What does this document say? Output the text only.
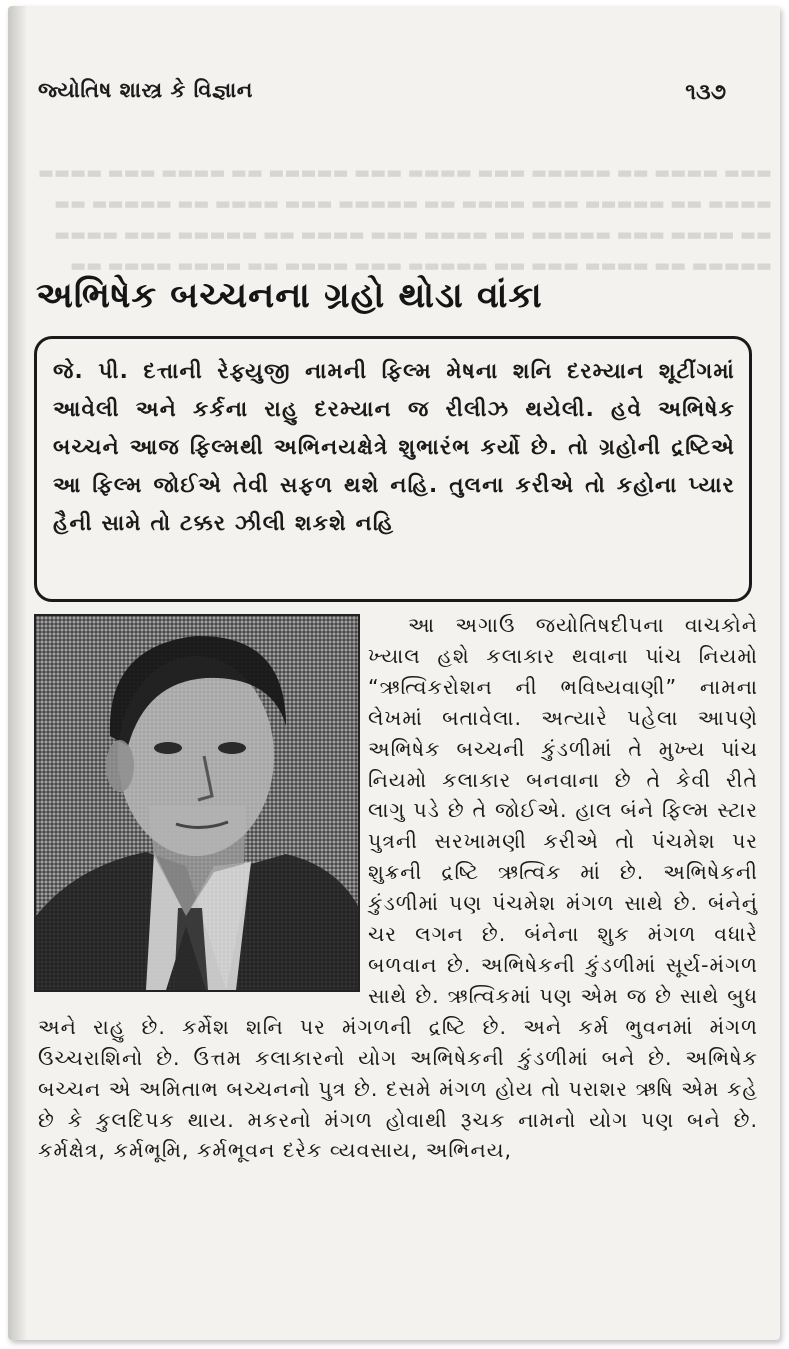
જ્યોતિષ શાસ્ત્ર કે વિજ્ઞાન	૧૩૭
▬▬▬ ▬▬▬▬ ▬▬ ▬▬▬▬▬ ▬▬▬ ▬▬▬▬ ▬▬▬ ▬▬▬▬▬ ▬▬ ▬▬▬▬ ▬▬▬ ▬▬▬▬
▬▬▬▬ ▬▬ ▬▬▬▬▬ ▬▬▬ ▬▬▬▬ ▬▬ ▬▬▬▬▬ ▬▬▬ ▬▬▬▬ ▬▬ ▬▬▬▬▬ ▬▬
▬▬ ▬▬▬▬ ▬▬▬ ▬▬▬▬▬ ▬▬ ▬▬▬▬ ▬▬▬ ▬▬▬▬ ▬▬ ▬▬▬▬▬ ▬▬▬ ▬▬▬▬
▬▬▬▬▬ ▬▬ ▬▬▬▬ ▬▬▬ ▬▬ ▬▬▬▬▬ ▬▬▬ ▬▬▬▬ ▬▬ ▬▬▬▬ ▬▬▬▬ ▬▬
અભિષેક બચ્ચનના ગ્રહો થોડા વાંકા

જે. પી. દત્તાની રેફ્યુજી નામની ફિલ્મ મેષના શનિ દરમ્યાન શૂટીંગમાં આવેલી અને કર્કના રાહુ દરમ્યાન જ રીલીઝ થયેલી. હવે અભિષેક બચ્ચને આજ ફિલ્મથી અભિનયક્ષેત્રે શુભારંભ કર્યો છે. તો ગ્રહોની દ્રષ્ટિએ આ ફિલ્મ જોઈએ તેવી સફળ થશે નહિ. તુલના કરીએ તો કહોના પ્યાર હૈની સામે તો ટક્કર ઝીલી શકશે નહિ

આ અગાઉ જયોતિષદીપના વાચકોને ખ્યાલ હશે કલાકાર થવાના પાંચ નિયમો “ઋત્વિકરોશન ની ભવિષ્યવાણી” નામના લેખમાં બતાવેલા. અત્યારે પહેલા આપણે અભિષેક બચ્ચની કુંડળીમાં તે મુખ્ય પાંચ નિયમો કલાકાર બનવાના છે તે કેવી રીતે લાગુ પડે છે તે જોઈએ. હાલ બંને ફિલ્મ સ્ટાર પુત્રની સરખામણી કરીએ તો પંચમેશ પર શુક્રની દ્રષ્ટિ ઋત્વિક માં છે. અભિષેકની કુંડળીમાં પણ પંચમેશ મંગળ સાથે છે. બંનેનું ચર લગન છે. બંનેના શુક મંગળ વધારે બળવાન છે. અભિષેકની કુંડળીમાં સૂર્ય-મંગળ સાથે છે. ઋત્વિકમાં પણ એમ જ છે સાથે બુધ અને રાહુ છે. કર્મેશ શનિ પર મંગળની દ્રષ્ટિ છે. અને કર્મ ભુવનમાં મંગળ ઉચ્ચરાશિનો છે. ઉત્તમ કલાકારનો યોગ અભિષેકની કુંડળીમાં બને છે. અભિષેક બચ્ચન એ અમિતાભ બચ્ચનનો પુત્ર છે. દસમે મંગળ હોય તો પરાશર ઋષિ એમ કહે છે કે કુલદિપક થાય. મકરનો મંગળ હોવાથી રૂચક નામનો યોગ પણ બને છે. કર્મક્ષેત્ર, કર્મભૂમિ, કર્મભૂવન દરેક વ્યવસાય, અભિનય,
